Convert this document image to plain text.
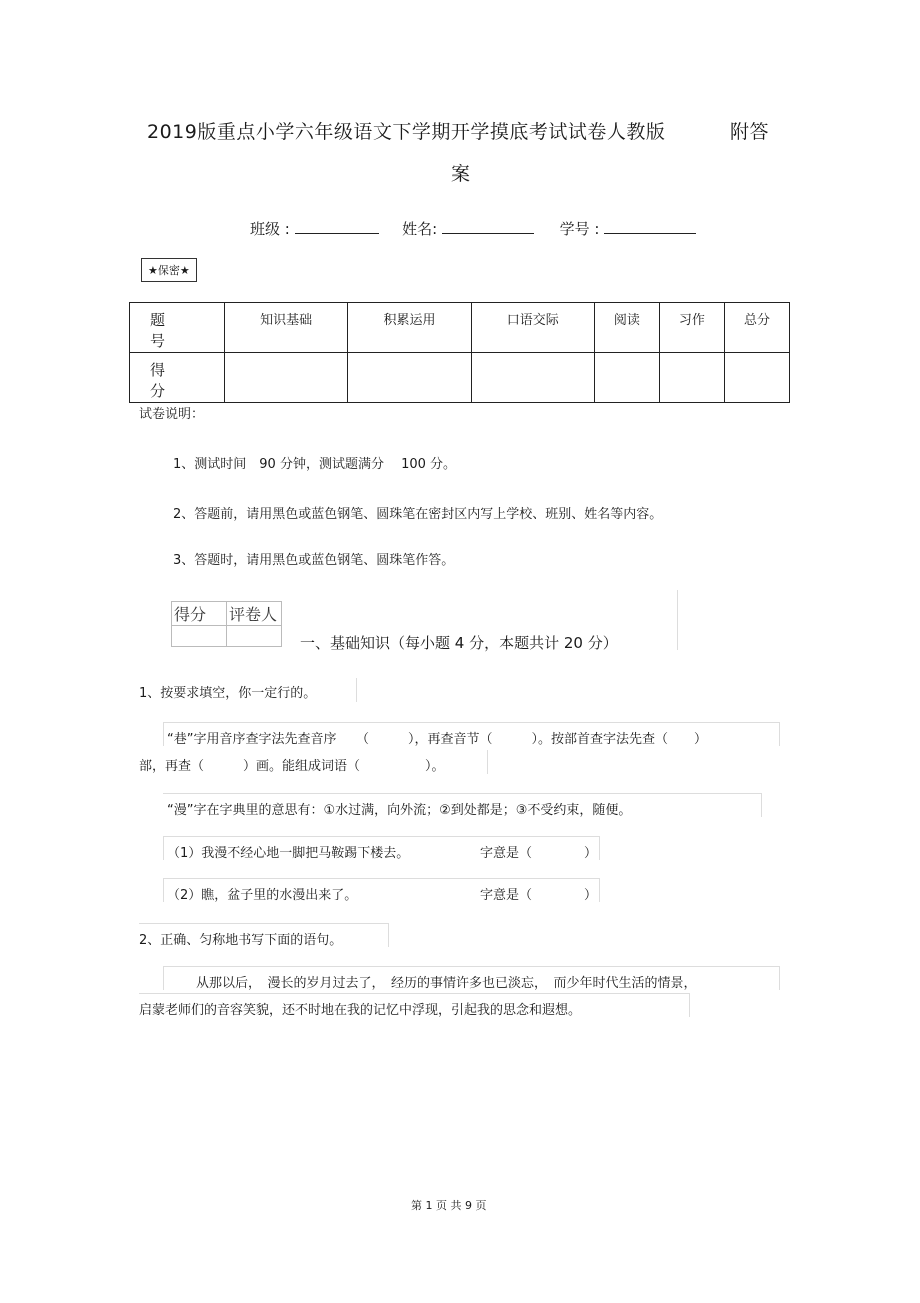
2019版重点小学六年级语文下学期开学摸底考试试卷人教版	附答
案
班级 :	姓名:	学号 :
★保密★
题号	知识基础	积累运用	口语交际	阅读	习作	总分
得分						
试卷说明：
1、测试时间　90 分钟，测试题满分　 100 分。
2、答题前，请用黑色或蓝色钢笔、圆珠笔在密封区内写上学校、班别、姓名等内容。
3、答题时，请用黑色或蓝色钢笔、圆珠笔作答。
得分	评卷人

一、基础知识（每小题 4 分，本题共计 20 分）
1、按要求填空，你一定行的。
“巷”字用音序查字法先查音序　　（　　　），再查音节（　　　）。按部首查字法先查（　　）
部，再查（　　　）画。能组成词语（　　　　　）。
“漫”字在字典里的意思有：①水过满，向外流；②到处都是；③不受约束，随便。
（1）我漫不经心地一脚把马鞍踢下楼去。	字意是（　　　　）
（2）瞧，盆子里的水漫出来了。	字意是（　　　　）
2、正确、匀称地书写下面的语句。
从那以后，　漫长的岁月过去了，　经历的事情许多也已淡忘，　而少年时代生活的情景，
启蒙老师们的音容笑貌，还不时地在我的记忆中浮现，引起我的思念和遐想。
第 1 页 共 9 页
